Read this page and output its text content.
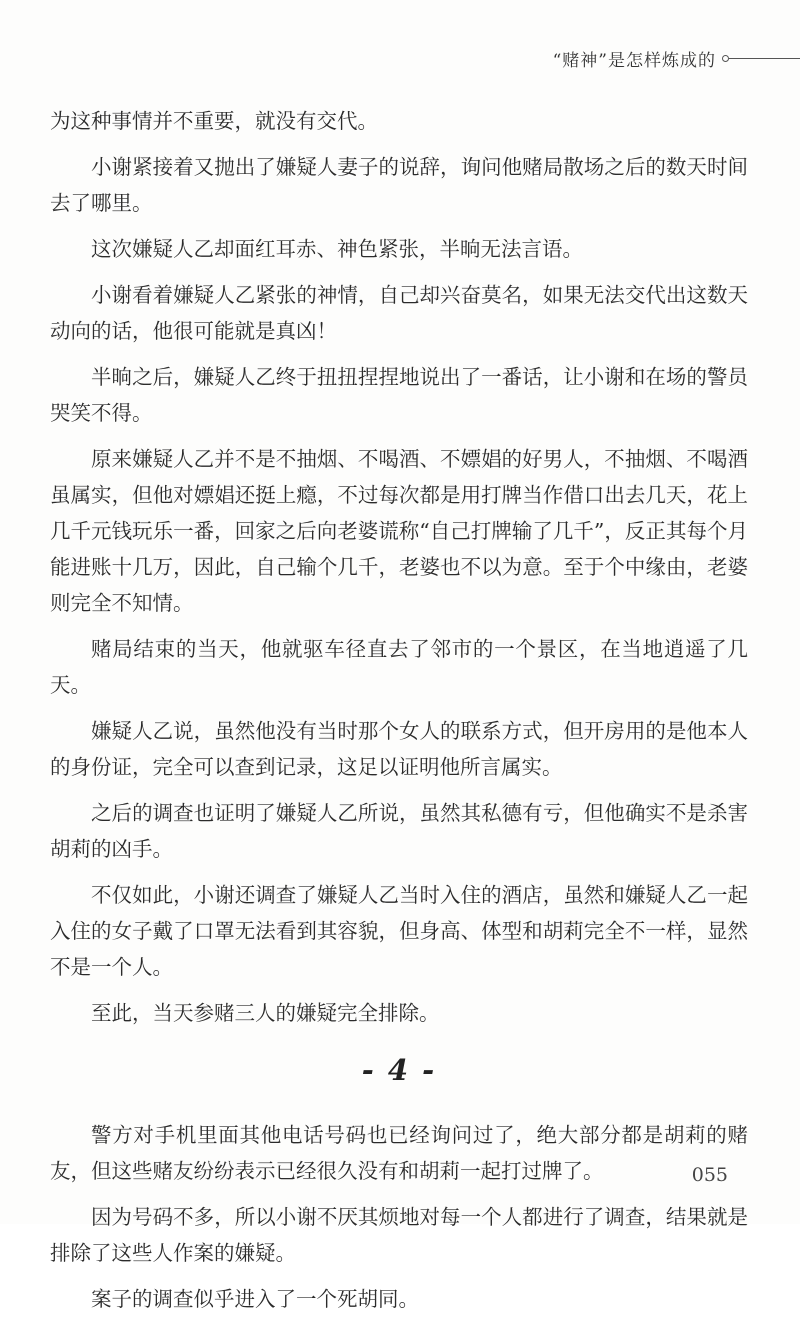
“赌神”是怎样炼成的

为这种事情并不重要，就没有交代。

小谢紧接着又抛出了嫌疑人妻子的说辞，询问他赌局散场之后的数天时间去了哪里。

这次嫌疑人乙却面红耳赤、神色紧张，半晌无法言语。

小谢看着嫌疑人乙紧张的神情，自己却兴奋莫名，如果无法交代出这数天动向的话，他很可能就是真凶！

半晌之后，嫌疑人乙终于扭扭捏捏地说出了一番话，让小谢和在场的警员哭笑不得。

原来嫌疑人乙并不是不抽烟、不喝酒、不嫖娼的好男人，不抽烟、不喝酒虽属实，但他对嫖娼还挺上瘾，不过每次都是用打牌当作借口出去几天，花上几千元钱玩乐一番，回家之后向老婆谎称“自己打牌输了几千”，反正其每个月能进账十几万，因此，自己输个几千，老婆也不以为意。至于个中缘由，老婆则完全不知情。

赌局结束的当天，他就驱车径直去了邻市的一个景区，在当地逍遥了几天。

嫌疑人乙说，虽然他没有当时那个女人的联系方式，但开房用的是他本人的身份证，完全可以查到记录，这足以证明他所言属实。

之后的调查也证明了嫌疑人乙所说，虽然其私德有亏，但他确实不是杀害胡莉的凶手。

不仅如此，小谢还调查了嫌疑人乙当时入住的酒店，虽然和嫌疑人乙一起入住的女子戴了口罩无法看到其容貌，但身高、体型和胡莉完全不一样，显然不是一个人。

至此，当天参赌三人的嫌疑完全排除。

- 4 -

警方对手机里面其他电话号码也已经询问过了，绝大部分都是胡莉的赌友，但这些赌友纷纷表示已经很久没有和胡莉一起打过牌了。

因为号码不多，所以小谢不厌其烦地对每一个人都进行了调查，结果就是排除了这些人作案的嫌疑。

案子的调查似乎进入了一个死胡同。

055
